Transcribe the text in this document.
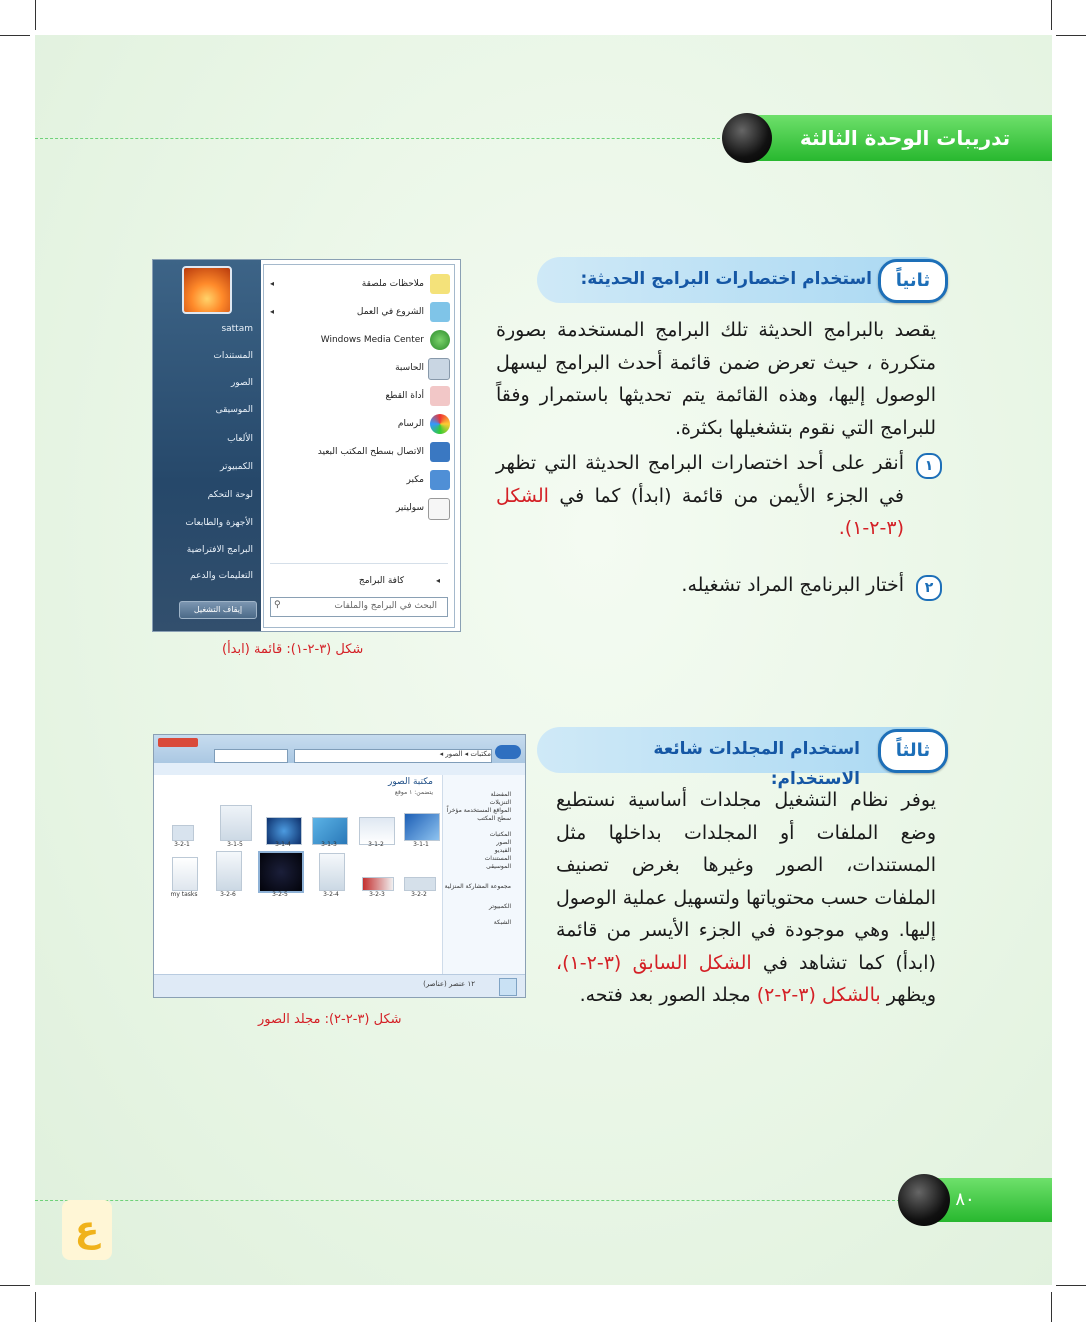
تدريبات الوحدة الثالثة
٨٠
ع
استخدام اختصارات البرامج الحديثة:	ثانياً
يقصد بالبرامج الحديثة تلك البرامج المستخدمة بصورة متكررة ، حيث تعرض ضمن قائمة أحدث البرامج ليسهل الوصول إليها، وهذه القائمة يتم تحديثها باستمرار وفقاً للبرامج التي نقوم بتشغيلها بكثرة.
١
أنقر على أحد اختصارات البرامج الحديثة التي تظهر في الجزء الأيمن من قائمة (ابدأ) كما في الشكل (٣-٢-١).
٢
أختار البرنامج المراد تشغيله.
ملاحظات ملصقة
◂
الشروع في العمل
◂
Windows Media Center
الحاسبة
أداة القطع
الرسام
الاتصال بسطح المكتب البعيد
مكبر
سوليتير
كافة البرامج	◂
البحث في البرامج والملفات
⚲
sattam
المستندات
الصور
الموسيقى
الألعاب
الكمبيوتر
لوحة التحكم
الأجهزة والطابعات
البرامج الافتراضية
التعليمات والدعم
إيقاف التشغيل
شكل (٣-٢-١): قائمة (ابدأ)
استخدام المجلدات شائعة الاستخدام:
ثالثاً
يوفر نظام التشغيل مجلدات أساسية نستطيع وضع الملفات أو المجلدات بداخلها مثل المستندات، الصور وغيرها بغرض تصنيف الملفات حسب محتوياتها ولتسهيل عملية الوصول إليها. وهي موجودة في الجزء الأيسر من قائمة (ابدأ) كما تشاهد في الشكل السابق (٣-٢-١)، ويظهر بالشكل (٣-٢-٢) مجلد الصور بعد فتحه.
مكتبات ◂ الصور ◂
المفضلة
التنزيلات
المواقع المستخدمة مؤخراً
سطح المكتب
المكتبات
الصور
الفيديو
المستندات
الموسيقى
مجموعة المشاركة المنزلية
الكمبيوتر
الشبكة
مكتبة الصور
يتضمن: ١ موقع
3-1-1
3-1-2
3-1-3
3-1-4
3-1-5
3-2-1
3-2-2
3-2-3
3-2-4
3-2-5
3-2-6
my tasks
١٢ عنصر (عناصر)
شكل (٣-٢-٢): مجلد الصور
